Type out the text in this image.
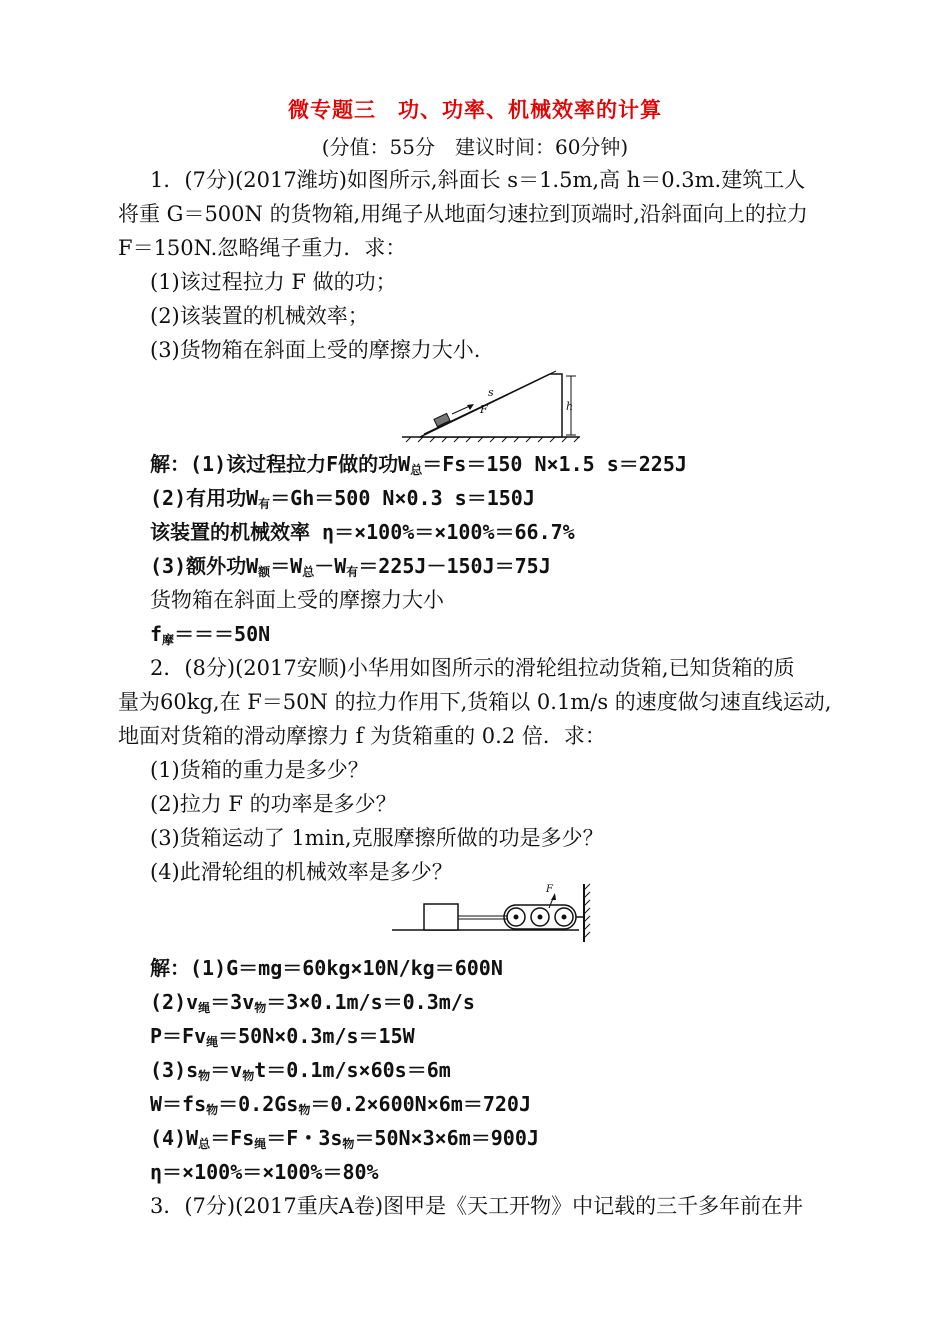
微专题三　功、功率、机械效率的计算
(分值：55分　建议时间：60分钟)
1．(7分)(2017潍坊)如图所示,斜面长 s＝1.5m,高 h＝0.3m.建筑工人
将重 G＝500N 的货物箱,用绳子从地面匀速拉到顶端时,沿斜面向上的拉力
F＝150N.忽略绳子重力．求：
(1)该过程拉力 F 做的功；
(2)该装置的机械效率；
(3)货物箱在斜面上受的摩擦力大小.
F
s
h
解：(1)该过程拉力F做的功$W_总=Fs=150$ N×1.5 s＝225J
(2)有用功$W_有=Gh=500$ N×0.3 s＝150J
该装置的机械效率 η＝×100%＝×100%＝66.7%
(3)额外功$W_额=W_总-W_有=225J-150J=75J$
货物箱在斜面上受的摩擦力大小
$f_摩===50N$
2．(8分)(2017安顺)小华用如图所示的滑轮组拉动货箱,已知货箱的质
量为60kg,在 F＝50N 的拉力作用下,货箱以 0.1m/s 的速度做匀速直线运动,
地面对货箱的滑动摩擦力 f 为货箱重的 0.2 倍．求：
(1)货箱的重力是多少？
(2)拉力 F 的功率是多少？
(3)货箱运动了 1min,克服摩擦所做的功是多少？
(4)此滑轮组的机械效率是多少？
F
解：(1)G＝mg＝60kg×10N/kg＝600N
$(2)v_绳=3v_物=3\times 0.1m/s=0.3m/s$
$P=Fv_绳=50N\times 0.3m/s=15W$
$(3)s_物=v_物t=0.1m/s\times 60s=6m$
$W=fs_物=0.2Gs_物=0.2\times 600N\times 6m=720J$
$(4)W_总=Fs_绳=F$・$3s_物=50N\times 3\times 6m=900J$
η＝×100%＝×100%＝80%
3．(7分)(2017重庆A卷)图甲是《天工开物》中记载的三千多年前在井
